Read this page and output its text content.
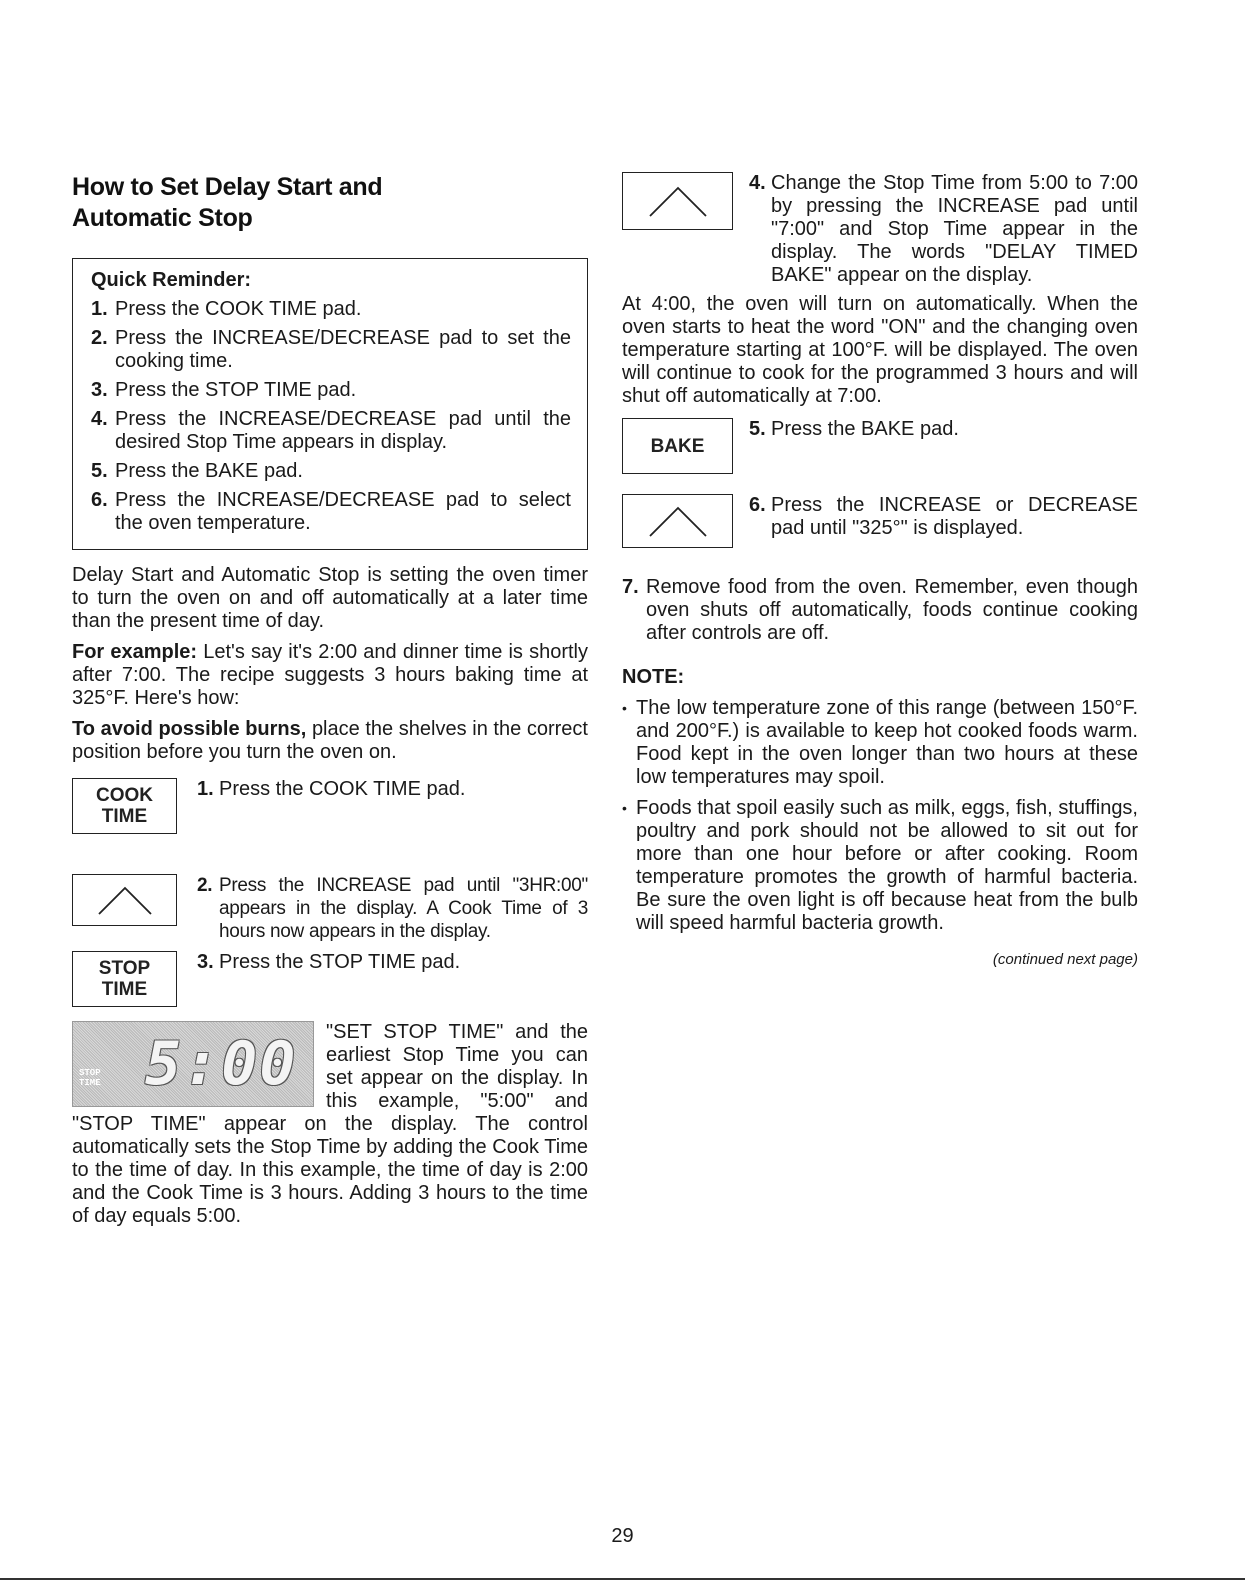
How to Set Delay Start and
Automatic Stop
Quick Reminder:
1. Press the COOK TIME pad.
2. Press the INCREASE/DECREASE pad to set the cooking time.
3. Press the STOP TIME pad.
4. Press the INCREASE/DECREASE pad until the desired Stop Time appears in display.
5. Press the BAKE pad.
6. Press the INCREASE/DECREASE pad to select the oven temperature.

Delay Start and Automatic Stop is setting the oven timer to turn the oven on and off automatically at a later time than the present time of day.

For example: Let's say it's 2:00 and dinner time is shortly after 7:00. The recipe suggests 3 hours baking time at 325°F. Here's how:

To avoid possible burns, place the shelves in the correct position before you turn the oven on.

COOK
TIME
1. Press the COOK TIME pad.
2. Press the INCREASE pad until "3HR:00" appears in the display. A Cook Time of 3 hours now appears in the display.
STOP
TIME
3. Press the STOP TIME pad.
STOP
TIME 5:00	"SET STOP TIME" and the earliest Stop Time you can set appear on the display. In this example, "5:00" and "STOP TIME" appear on the display. The control automatically sets the Stop Time by adding the Cook Time to the time of day. In this example, the time of day is 2:00 and the Cook Time is 3 hours. Adding 3 hours to the time of day equals 5:00.

4. Change the Stop Time from 5:00 to 7:00 by pressing the INCREASE pad until "7:00" and Stop Time appear in the display. The words "DELAY TIMED BAKE" appear on the display.

At 4:00, the oven will turn on automatically. When the oven starts to heat the word "ON" and the changing oven temperature starting at 100°F. will be displayed. The oven will continue to cook for the programmed 3 hours and will shut off automatically at 7:00.

BAKE
5. Press the BAKE pad.
6. Press the INCREASE or DECREASE pad until "325°" is displayed.
7. Remove food from the oven. Remember, even though oven shuts off automatically, foods continue cooking after controls are off.
NOTE:
• The low temperature zone of this range (between 150°F. and 200°F.) is available to keep hot cooked foods warm. Food kept in the oven longer than two hours at these low temperatures may spoil.
• Foods that spoil easily such as milk, eggs, fish, stuffings, poultry and pork should not be allowed to sit out for more than one hour before or after cooking. Room temperature promotes the growth of harmful bacteria. Be sure the oven light is off because heat from the bulb will speed harmful bacteria growth.
(continued next page)
29
